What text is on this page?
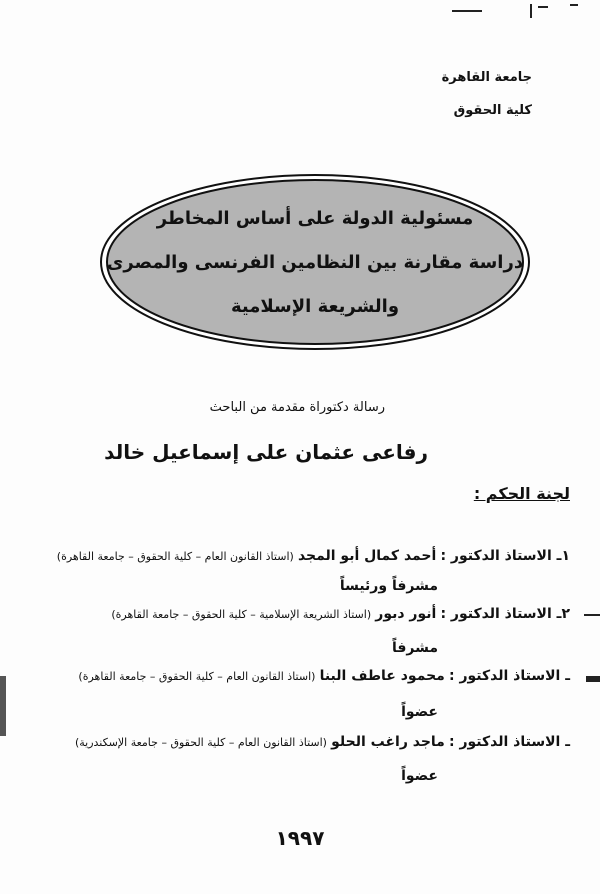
جامعة القاهرة
كلية الحقوق
مسئولية الدولة على أساس المخاطر
دراسة مقارنة بين النظامين الفرنسى والمصرى
والشريعة الإسلامية
رسالة دكتوراة مقدمة من الباحث
رفاعى عثمان على إسماعيل خالد
لجنة الحكم :
١ـ الاستاذ الدكتور : أحمد كمال أبو المجد (استاذ القانون العام – كلية الحقوق – جامعة القاهرة)
مشرفاً ورئيساً
٢ـ الاستاذ الدكتور : أنور دبور (استاذ الشريعة الإسلامية – كلية الحقوق – جامعة القاهرة)
مشرفاً
ـ الاستاذ الدكتور : محمود عاطف البنا (استاذ القانون العام – كلية الحقوق – جامعة القاهرة)
عضواً
ـ الاستاذ الدكتور : ماجد راغب الحلو (استاذ القانون العام – كلية الحقوق – جامعة الإسكندرية)
عضواً
١٩٩٧
